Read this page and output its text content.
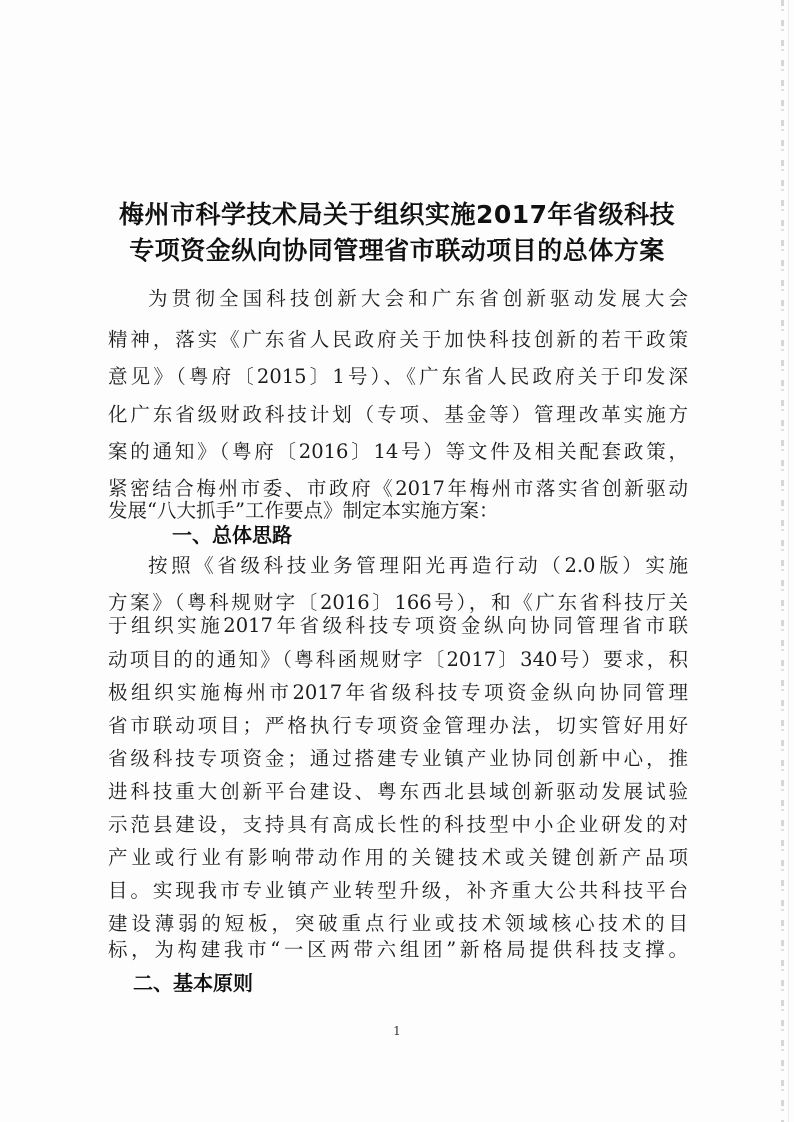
梅州市科学技术局关于组织实施2017年省级科技
专项资金纵向协同管理省市联动项目的总体方案
为贯彻全国科技创新大会和广东省创新驱动发展大会
精神，落实《广东省人民政府关于加快科技创新的若干政策
意见》（粤府〔2015〕1号）、《广东省人民政府关于印发深
化广东省级财政科技计划（专项、基金等）管理改革实施方
案的通知》（粤府〔2016〕14号）等文件及相关配套政策，
紧密结合梅州市委、市政府《2017年梅州市落实省创新驱动
发展“八大抓手”工作要点》制定本实施方案：
一、总体思路
按照《省级科技业务管理阳光再造行动（2.0版）实施
方案》（粤科规财字〔2016〕166号），和《广东省科技厅关
于组织实施2017年省级科技专项资金纵向协同管理省市联
动项目的的通知》（粤科函规财字〔2017〕340号）要求，积
极组织实施梅州市2017年省级科技专项资金纵向协同管理
省市联动项目；严格执行专项资金管理办法，切实管好用好
省级科技专项资金；通过搭建专业镇产业协同创新中心，推
进科技重大创新平台建设、粤东西北县域创新驱动发展试验
示范县建设，支持具有高成长性的科技型中小企业研发的对
产业或行业有影响带动作用的关键技术或关键创新产品项
目。实现我市专业镇产业转型升级，补齐重大公共科技平台
建设薄弱的短板，突破重点行业或技术领域核心技术的目
标，为构建我市“一区两带六组团”新格局提供科技支撑。
二、基本原则
1
